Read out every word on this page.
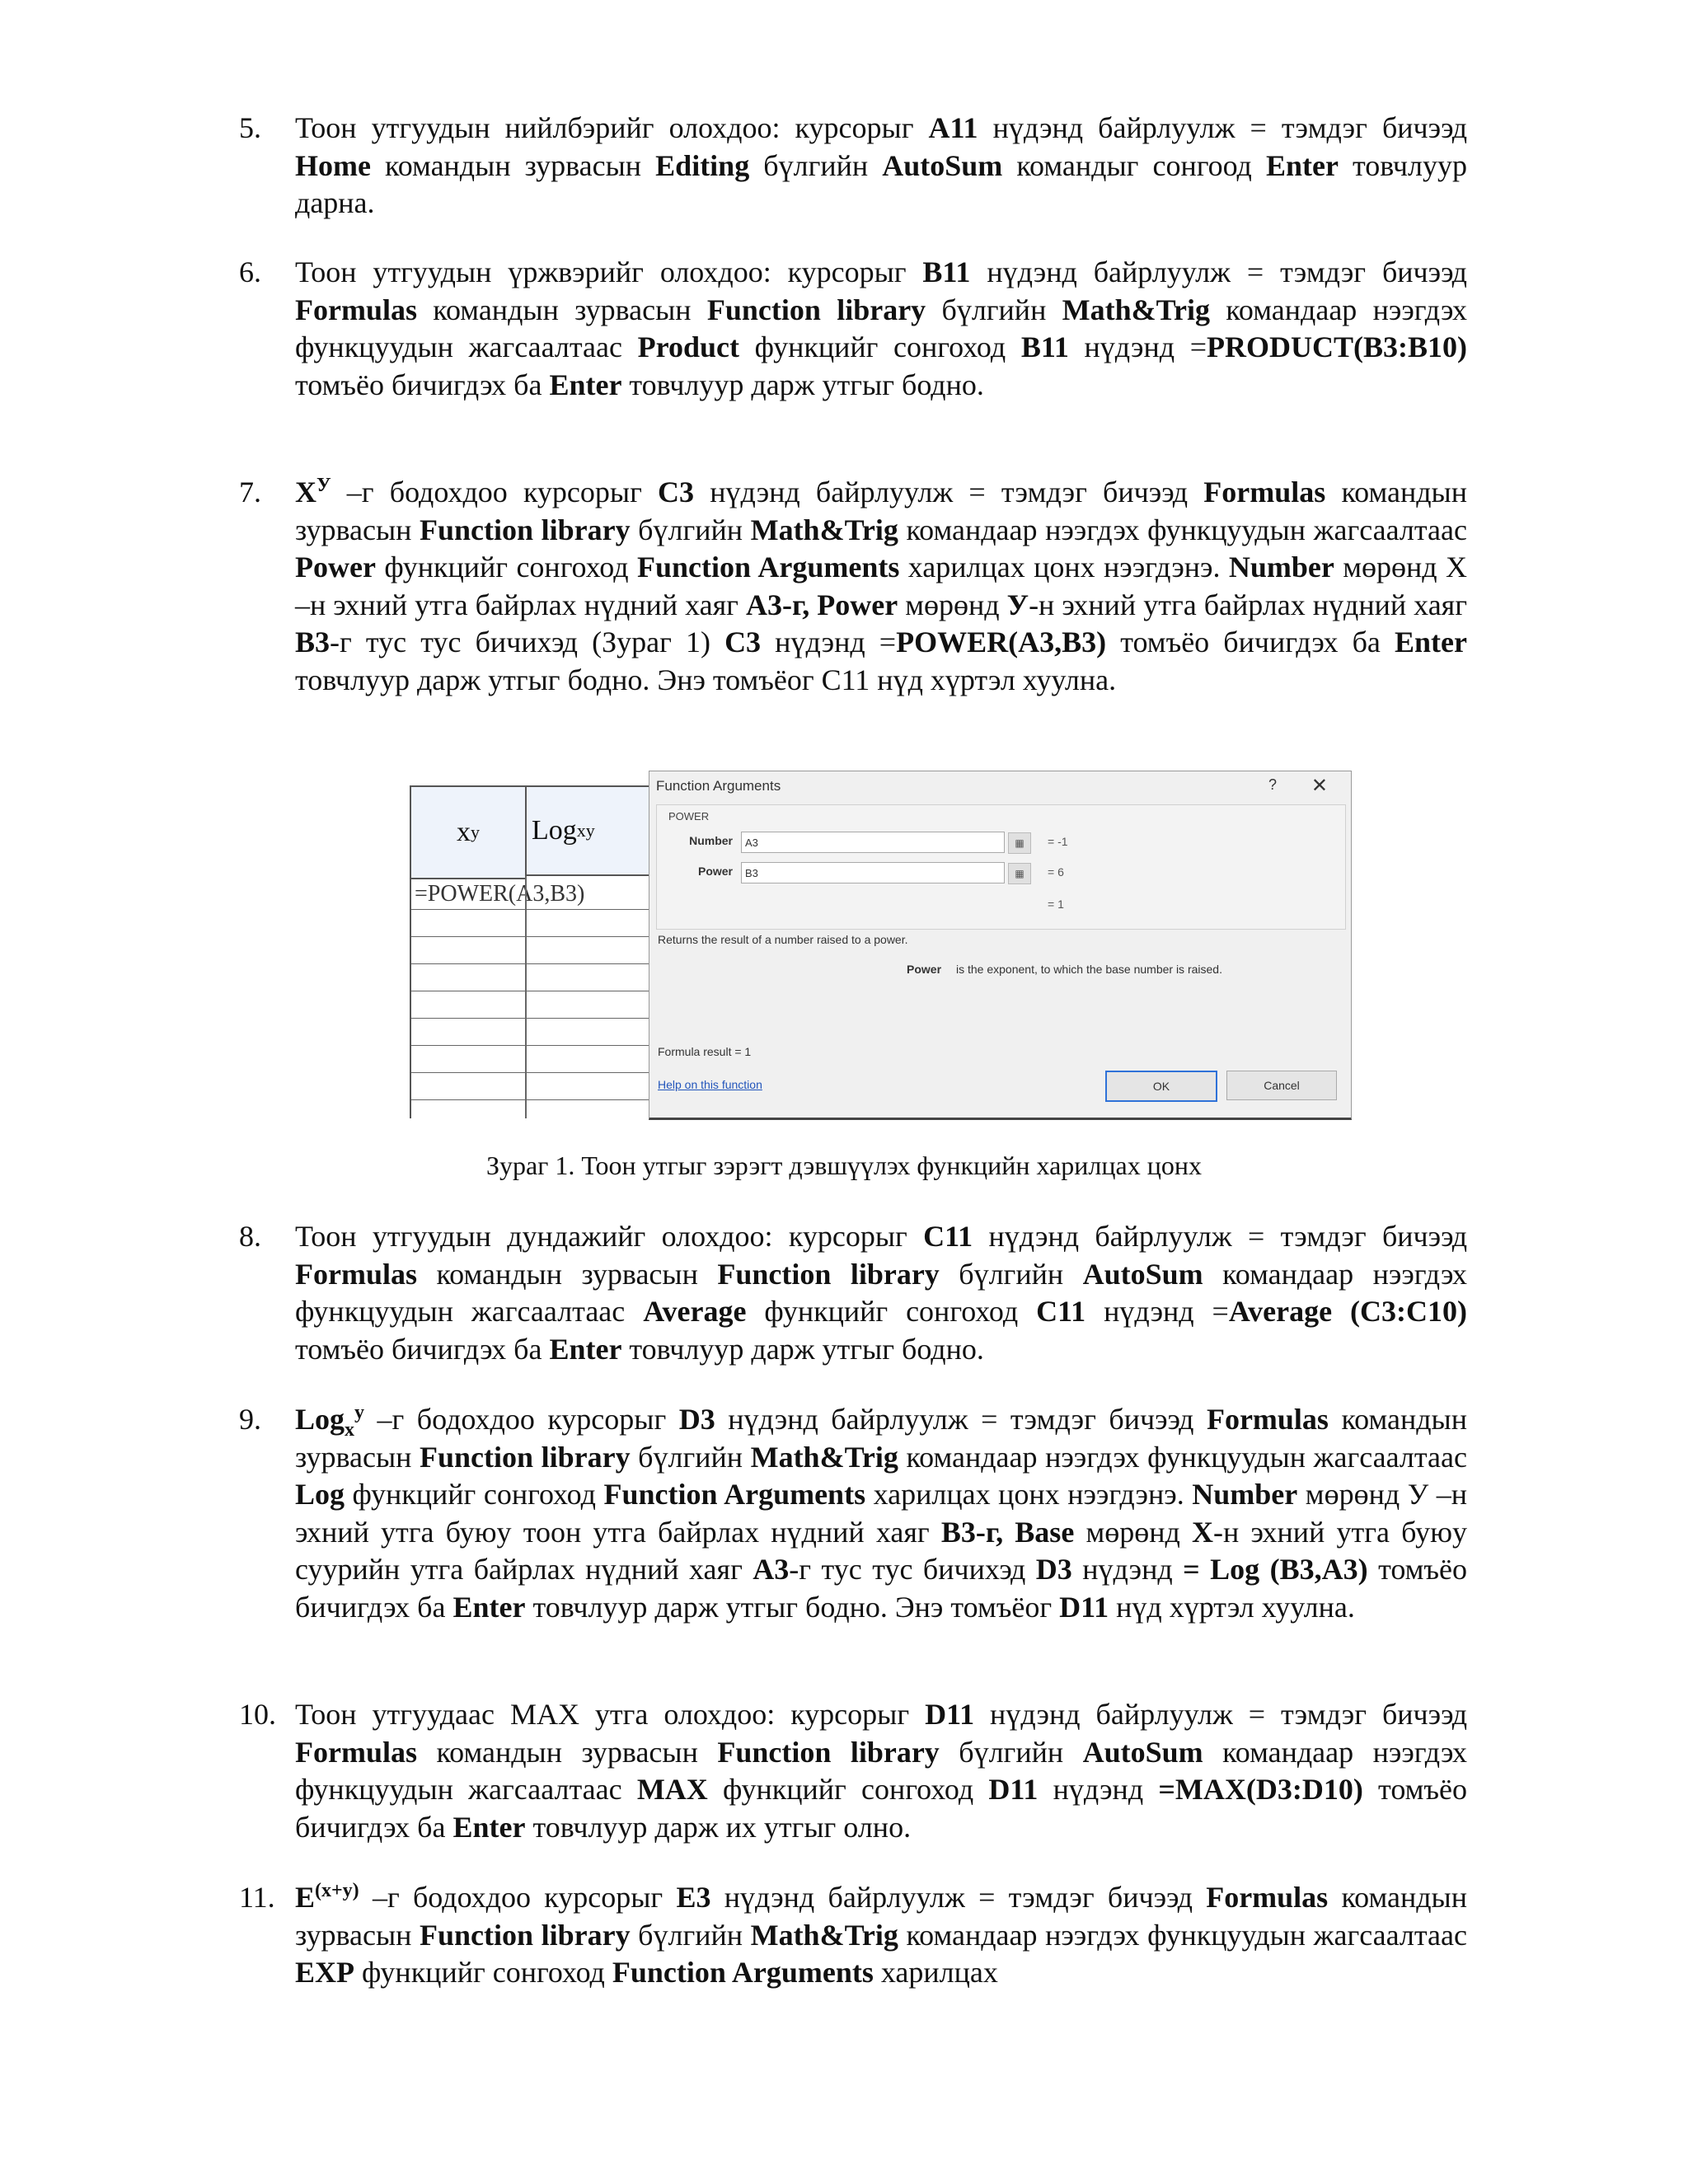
5. Тоон утгуудын нийлбэрийг олохдоо: курсорыг A11 нүдэнд байрлуулж = тэмдэг бичээд Home командын зурвасын Editing бүлгийн AutoSum командыг сонгоод Enter товчлуур дарна.
6. Тоон утгуудын үржвэрийг олохдоо: курсорыг B11 нүдэнд байрлуулж = тэмдэг бичээд Formulas командын зурвасын Function library бүлгийн Math&Trig командаар нээгдэх функцуудын жагсаалтаас Product функцийг сонгоход B11 нүдэнд =PRODUCT(B3:B10) томъёо бичигдэх ба Enter товчлуур дарж утгыг бодно.
7. $X^У$ –г бодохдоо курсорыг C3 нүдэнд байрлуулж = тэмдэг бичээд Formulas командын зурвасын Function library бүлгийн Math&Trig командаар нээгдэх функцуудын жагсаалтаас Power функцийг сонгоход Function Arguments харилцах цонх нээгдэнэ. Number мөрөнд X –н эхний утга байрлах нүдний хаяг A3-г, Power мөрөнд У-н эхний утга байрлах нүдний хаяг B3-г тус тус бичихэд (Зураг 1) C3 нүдэнд =POWER(A3,B3) томъёо бичигдэх ба Enter товчлуур дарж утгыг бодно. Энэ томъёог C11 нүд хүртэл хуулна.
x y Log x y
=POWER(A3,B3)
Function Arguments	? ✕
POWER
Number	A3	▦	= -1
Power	B3	▦	= 6
= 1
Returns the result of a number raised to a power.
Power is the exponent, to which the base number is raised.
Formula result = 1
Help on this function	OK	Cancel
Зураг 1. Тоон утгыг зэрэгт дэвшүүлэх функцийн харилцах цонх
8. Тоон утгуудын дундажийг олохдоо: курсорыг C11 нүдэнд байрлуулж = тэмдэг бичээд Formulas командын зурвасын Function library бүлгийн AutoSum командаар нээгдэх функцуудын жагсаалтаас Average функцийг сонгоход C11 нүдэнд =Average (C3:C10) томъёо бичигдэх ба Enter товчлуур дарж утгыг бодно.
9. Log$_x^y$ –г бодохдоо курсорыг D3 нүдэнд байрлуулж = тэмдэг бичээд Formulas командын зурвасын Function library бүлгийн Math&Trig командаар нээгдэх функцуудын жагсаалтаас Log функцийг сонгоход Function Arguments харилцах цонх нээгдэнэ. Number мөрөнд У –н эхний утга буюу тоон утга байрлах нүдний хаяг B3-г, Base мөрөнд X-н эхний утга буюу суурийн утга байрлах нүдний хаяг A3-г тус тус бичихэд D3 нүдэнд = Log (B3,A3) томъёо бичигдэх ба Enter товчлуур дарж утгыг бодно. Энэ томъёог D11 нүд хүртэл хуулна.
10. Тоон утгуудаас MAX утга олохдоо: курсорыг D11 нүдэнд байрлуулж = тэмдэг бичээд Formulas командын зурвасын Function library бүлгийн AutoSum командаар нээгдэх функцуудын жагсаалтаас MAX функцийг сонгоход D11 нүдэнд =MAX(D3:D10) томъёо бичигдэх ба Enter товчлуур дарж их утгыг олно.
11. $E^{(x+y)}$ –г бодохдоо курсорыг E3 нүдэнд байрлуулж = тэмдэг бичээд Formulas командын зурвасын Function library бүлгийн Math&Trig командаар нээгдэх функцуудын жагсаалтаас EXP функцийг сонгоход Function Arguments харилцах
